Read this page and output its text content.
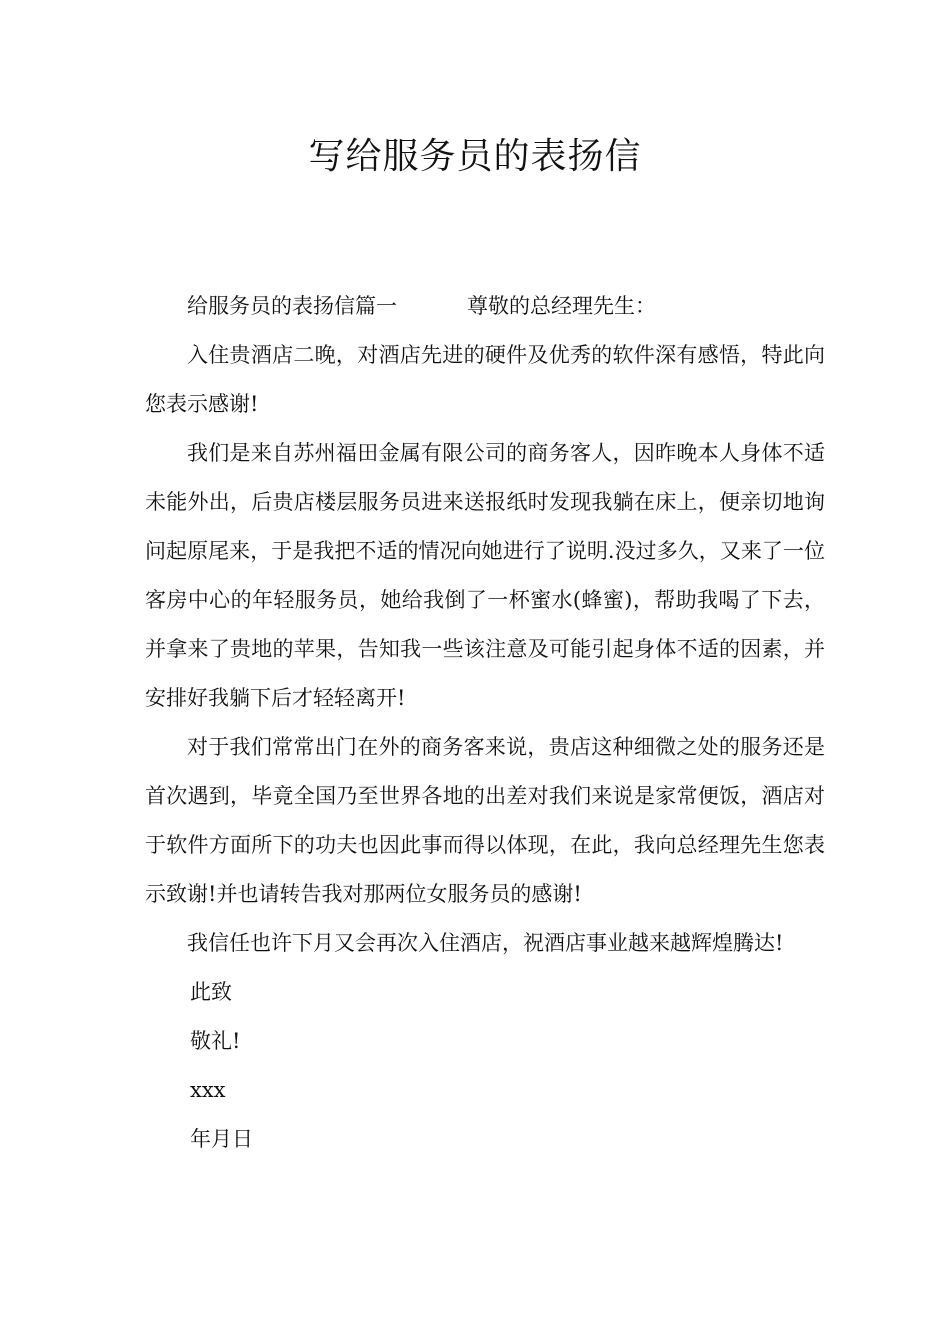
写给服务员的表扬信

给服务员的表扬信篇一	尊敬的总经理先生：

入住贵酒店二晚，对酒店先进的硬件及优秀的软件深有感悟，特此向您表示感谢!

我们是来自苏州福田金属有限公司的商务客人，因昨晚本人身体不适未能外出，后贵店楼层服务员进来送报纸时发现我躺在床上，便亲切地询问起原尾来，于是我把不适的情况向她进行了说明.没过多久，又来了一位客房中心的年轻服务员，她给我倒了一杯蜜水(蜂蜜)，帮助我喝了下去，并拿来了贵地的苹果，告知我一些该注意及可能引起身体不适的因素，并安排好我躺下后才轻轻离开!

对于我们常常出门在外的商务客来说，贵店这种细微之处的服务还是首次遇到，毕竟全国乃至世界各地的出差对我们来说是家常便饭，酒店对于软件方面所下的功夫也因此事而得以体现，在此，我向总经理先生您表示致谢!并也请转告我对那两位女服务员的感谢!

我信任也许下月又会再次入住酒店，祝酒店事业越来越辉煌腾达!

此致

敬礼!

xxx

年月日
